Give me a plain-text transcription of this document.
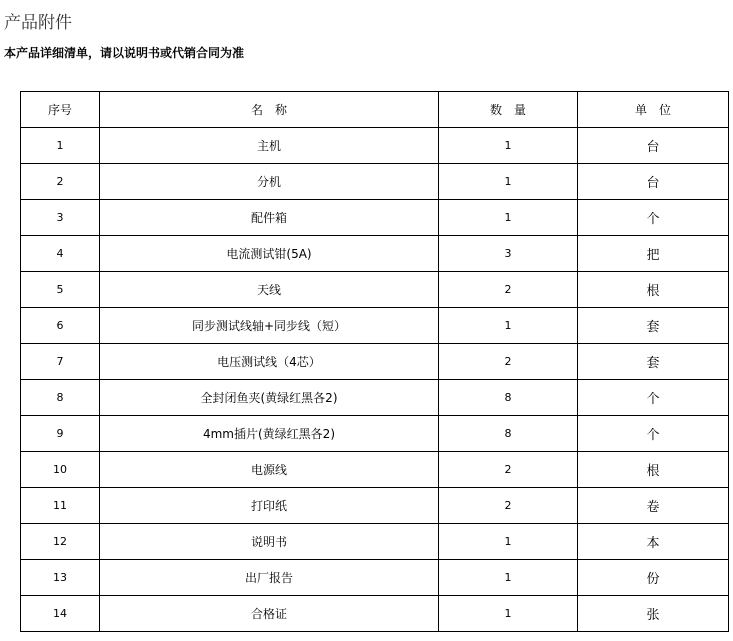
产品附件
本产品详细清单，请以说明书或代销合同为准
序号	名　称	数　量	单　位
1	主机	1	台
2	分机	1	台
3	配件箱	1	个
4	电流测试钳(5A)	3	把
5	天线	2	根
6	同步测试线轴+同步线（短）	1	套
7	电压测试线（4芯）	2	套
8	全封闭鱼夹(黄绿红黑各2)	8	个
9	4mm插片(黄绿红黑各2)	8	个
10	电源线	2	根
11	打印纸	2	卷
12	说明书	1	本
13	出厂报告	1	份
14	合格证	1	张
